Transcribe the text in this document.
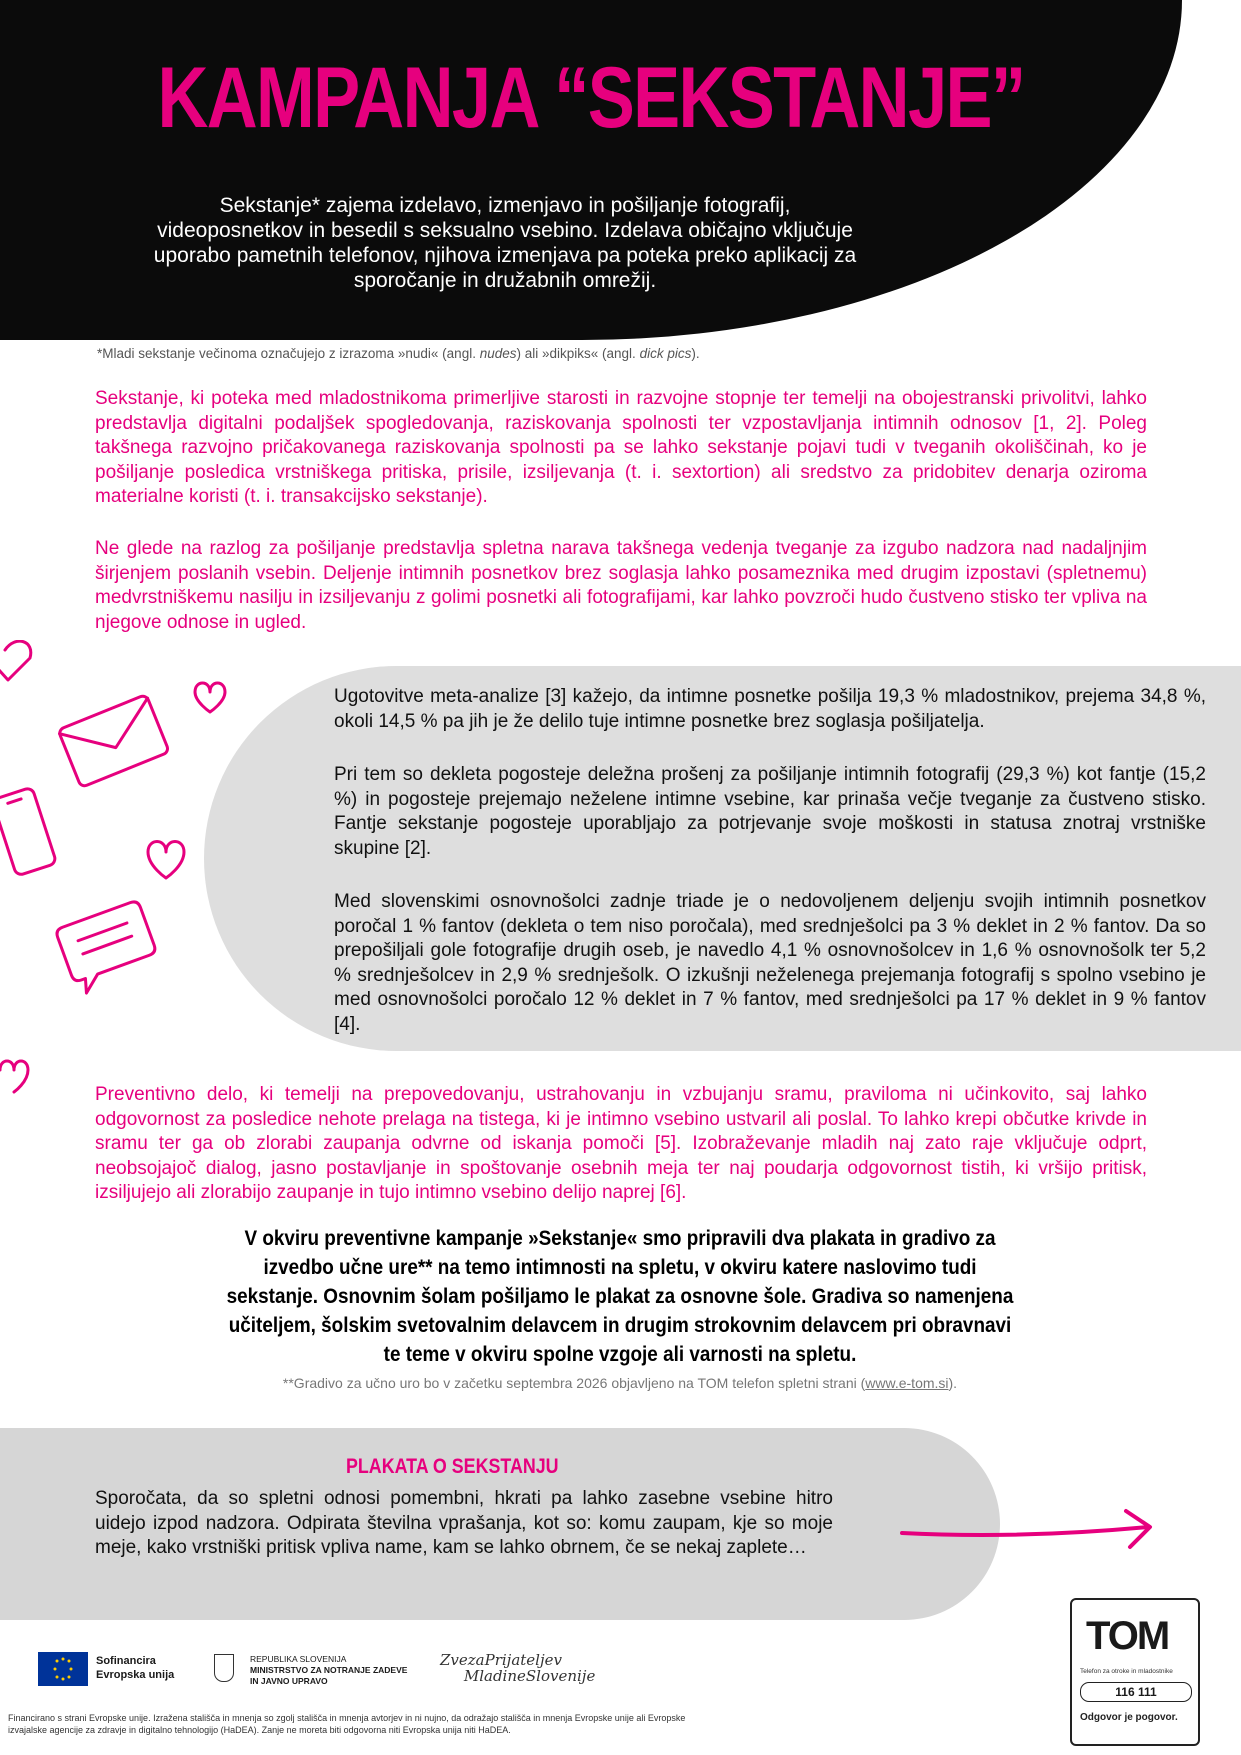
KAMPANJA “SEKSTANJE”

Sekstanje* zajema izdelavo, izmenjavo in pošiljanje fotografij, videoposnetkov in besedil s seksualno vsebino. Izdelava običajno vključuje uporabo pametnih telefonov, njihova izmenjava pa poteka preko aplikacij za sporočanje in družabnih omrežij.

*Mladi sekstanje večinoma označujejo z izrazoma »nudi« (angl. nudes) ali »dikpiks« (angl. dick pics).

Sekstanje, ki poteka med mladostnikoma primerljive starosti in razvojne stopnje ter temelji na obojestranski privolitvi, lahko predstavlja digitalni podaljšek spogledovanja, raziskovanja spolnosti ter vzpostavljanja intimnih odnosov [1, 2]. Poleg takšnega razvojno pričakovanega raziskovanja spolnosti pa se lahko sekstanje pojavi tudi v tveganih okoliščinah, ko je pošiljanje posledica vrstniškega pritiska, prisile, izsiljevanja (t. i. sextortion) ali sredstvo za pridobitev denarja oziroma materialne koristi (t. i. transakcijsko sekstanje).

Ne glede na razlog za pošiljanje predstavlja spletna narava takšnega vedenja tveganje za izgubo nadzora nad nadaljnjim širjenjem poslanih vsebin. Deljenje intimnih posnetkov brez soglasja lahko posameznika med drugim izpostavi (spletnemu) medvrstniškemu nasilju in izsiljevanju z golimi posnetki ali fotografijami, kar lahko povzroči hudo čustveno stisko ter vpliva na njegove odnose in ugled.

Ugotovitve meta-analize [3] kažejo, da intimne posnetke pošilja 19,3 % mladostnikov, prejema 34,8 %, okoli 14,5 % pa jih je že delilo tuje intimne posnetke brez soglasja pošiljatelja.

Pri tem so dekleta pogosteje deležna prošenj za pošiljanje intimnih fotografij (29,3 %) kot fantje (15,2 %) in pogosteje prejemajo neželene intimne vsebine, kar prinaša večje tveganje za čustveno stisko. Fantje sekstanje pogosteje uporabljajo za potrjevanje svoje moškosti in statusa znotraj vrstniške skupine [2].

Med slovenskimi osnovnošolci zadnje triade je o nedovoljenem deljenju svojih intimnih posnetkov poročal 1 % fantov (dekleta o tem niso poročala), med srednješolci pa 3 % deklet in 2 % fantov. Da so prepošiljali gole fotografije drugih oseb, je navedlo 4,1 % osnovnošolcev in 1,6 % osnovnošolk ter 5,2 % srednješolcev in 2,9 % srednješolk. O izkušnji neželenega prejemanja fotografij s spolno vsebino je med osnovnošolci poročalo 12 % deklet in 7 % fantov, med srednješolci pa 17 % deklet in 9 % fantov [4].

Preventivno delo, ki temelji na prepovedovanju, ustrahovanju in vzbujanju sramu, praviloma ni učinkovito, saj lahko odgovornost za posledice nehote prelaga na tistega, ki je intimno vsebino ustvaril ali poslal. To lahko krepi občutke krivde in sramu ter ga ob zlorabi zaupanja odvrne od iskanja pomoči [5]. Izobraževanje mladih naj zato raje vključuje odprt, neobsojajoč dialog, jasno postavljanje in spoštovanje osebnih meja ter naj poudarja odgovornost tistih, ki vršijo pritisk, izsiljujejo ali zlorabijo zaupanje in tujo intimno vsebino delijo naprej [6].

V okviru preventivne kampanje »Sekstanje« smo pripravili dva plakata in gradivo za izvedbo učne ure** na temo intimnosti na spletu, v okviru katere naslovimo tudi sekstanje. Osnovnim šolam pošiljamo le plakat za osnovne šole. Gradiva so namenjena učiteljem, šolskim svetovalnim delavcem in drugim strokovnim delavcem pri obravnavi te teme v okviru spolne vzgoje ali varnosti na spletu.

**Gradivo za učno uro bo v začetku septembra 2026 objavljeno na TOM telefon spletni strani (www.e-tom.si).

PLAKATA O SEKSTANJU

Sporočata, da so spletni odnosi pomembni, hkrati pa lahko zasebne vsebine hitro uidejo izpod nadzora. Odpirata številna vprašanja, kot so: komu zaupam, kje so moje meje, kako vrstniški pritisk vpliva name, kam se lahko obrnem, če se nekaj zaplete…

Sofinancira
Evropska unija

REPUBLIKA SLOVENIJA
MINISTRSTVO ZA NOTRANJE ZADEVE
IN JAVNO UPRAVO

ZvezaPrijateljev
MladineSlovenije

Financirano s strani Evropske unije. Izražena stališča in mnenja so zgolj stališča in mnenja avtorjev in ni nujno, da odražajo stališča in mnenja Evropske unije ali Evropske izvajalske agencije za zdravje in digitalno tehnologijo (HaDEA). Zanje ne moreta biti odgovorna niti Evropska unija niti HaDEA.

TOM

Telefon za otroke in mladostnike

116 111

Odgovor je pogovor.
